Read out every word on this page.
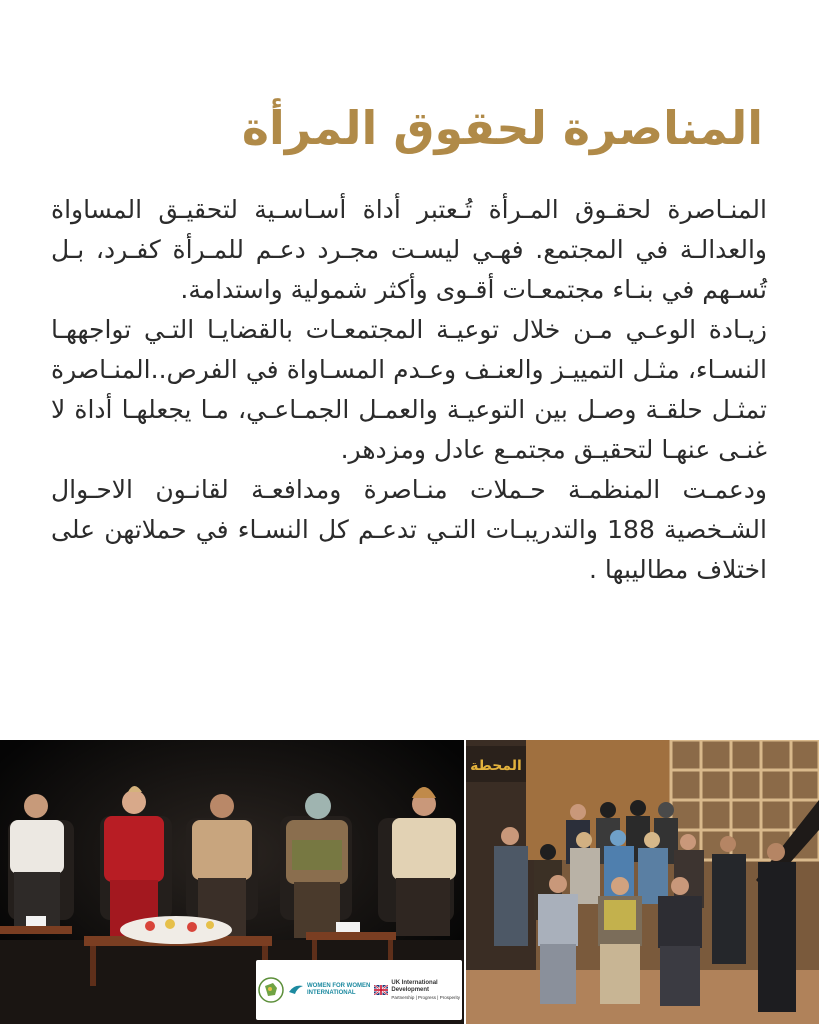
المناصرة لحقوق المرأة

المنـاصرة لحقـوق المـرأة تُـعتبر أداة أسـاسـية لتحقيـق المساواة والعدالـة في المجتمع. فهـي ليسـت مجـرد دعـم للمـرأة كفـرد، بـل تُسـهم في بنـاء مجتمعـات أقـوى وأكثر شمولية واستدامة.

زيـادة الوعـي مـن خلال توعيـة المجتمعـات بالقضايـا التـي تواجههـا النسـاء، مثـل التمييـز والعنـف وعـدم المسـاواة في الفرص..المنـاصرة تمثـل حلقـة وصـل بين التوعيـة والعمـل الجمـاعـي، مـا يجعلهـا أداة لا غنـى عنهـا لتحقيـق مجتمـع عادل ومزدهر.

ودعمـت المنظمـة حـملات منـاصرة ومدافعـة لقانـون الاحـوال الشـخصية 188 والتدريبـات التـي تدعـم كل النسـاء في حملاتهن على اختلاف مطاليبها .

WOMEN FOR WOMEN
INTERNATIONAL
UK International
Development
Partnership | Progress | Prosperity
المحطة
